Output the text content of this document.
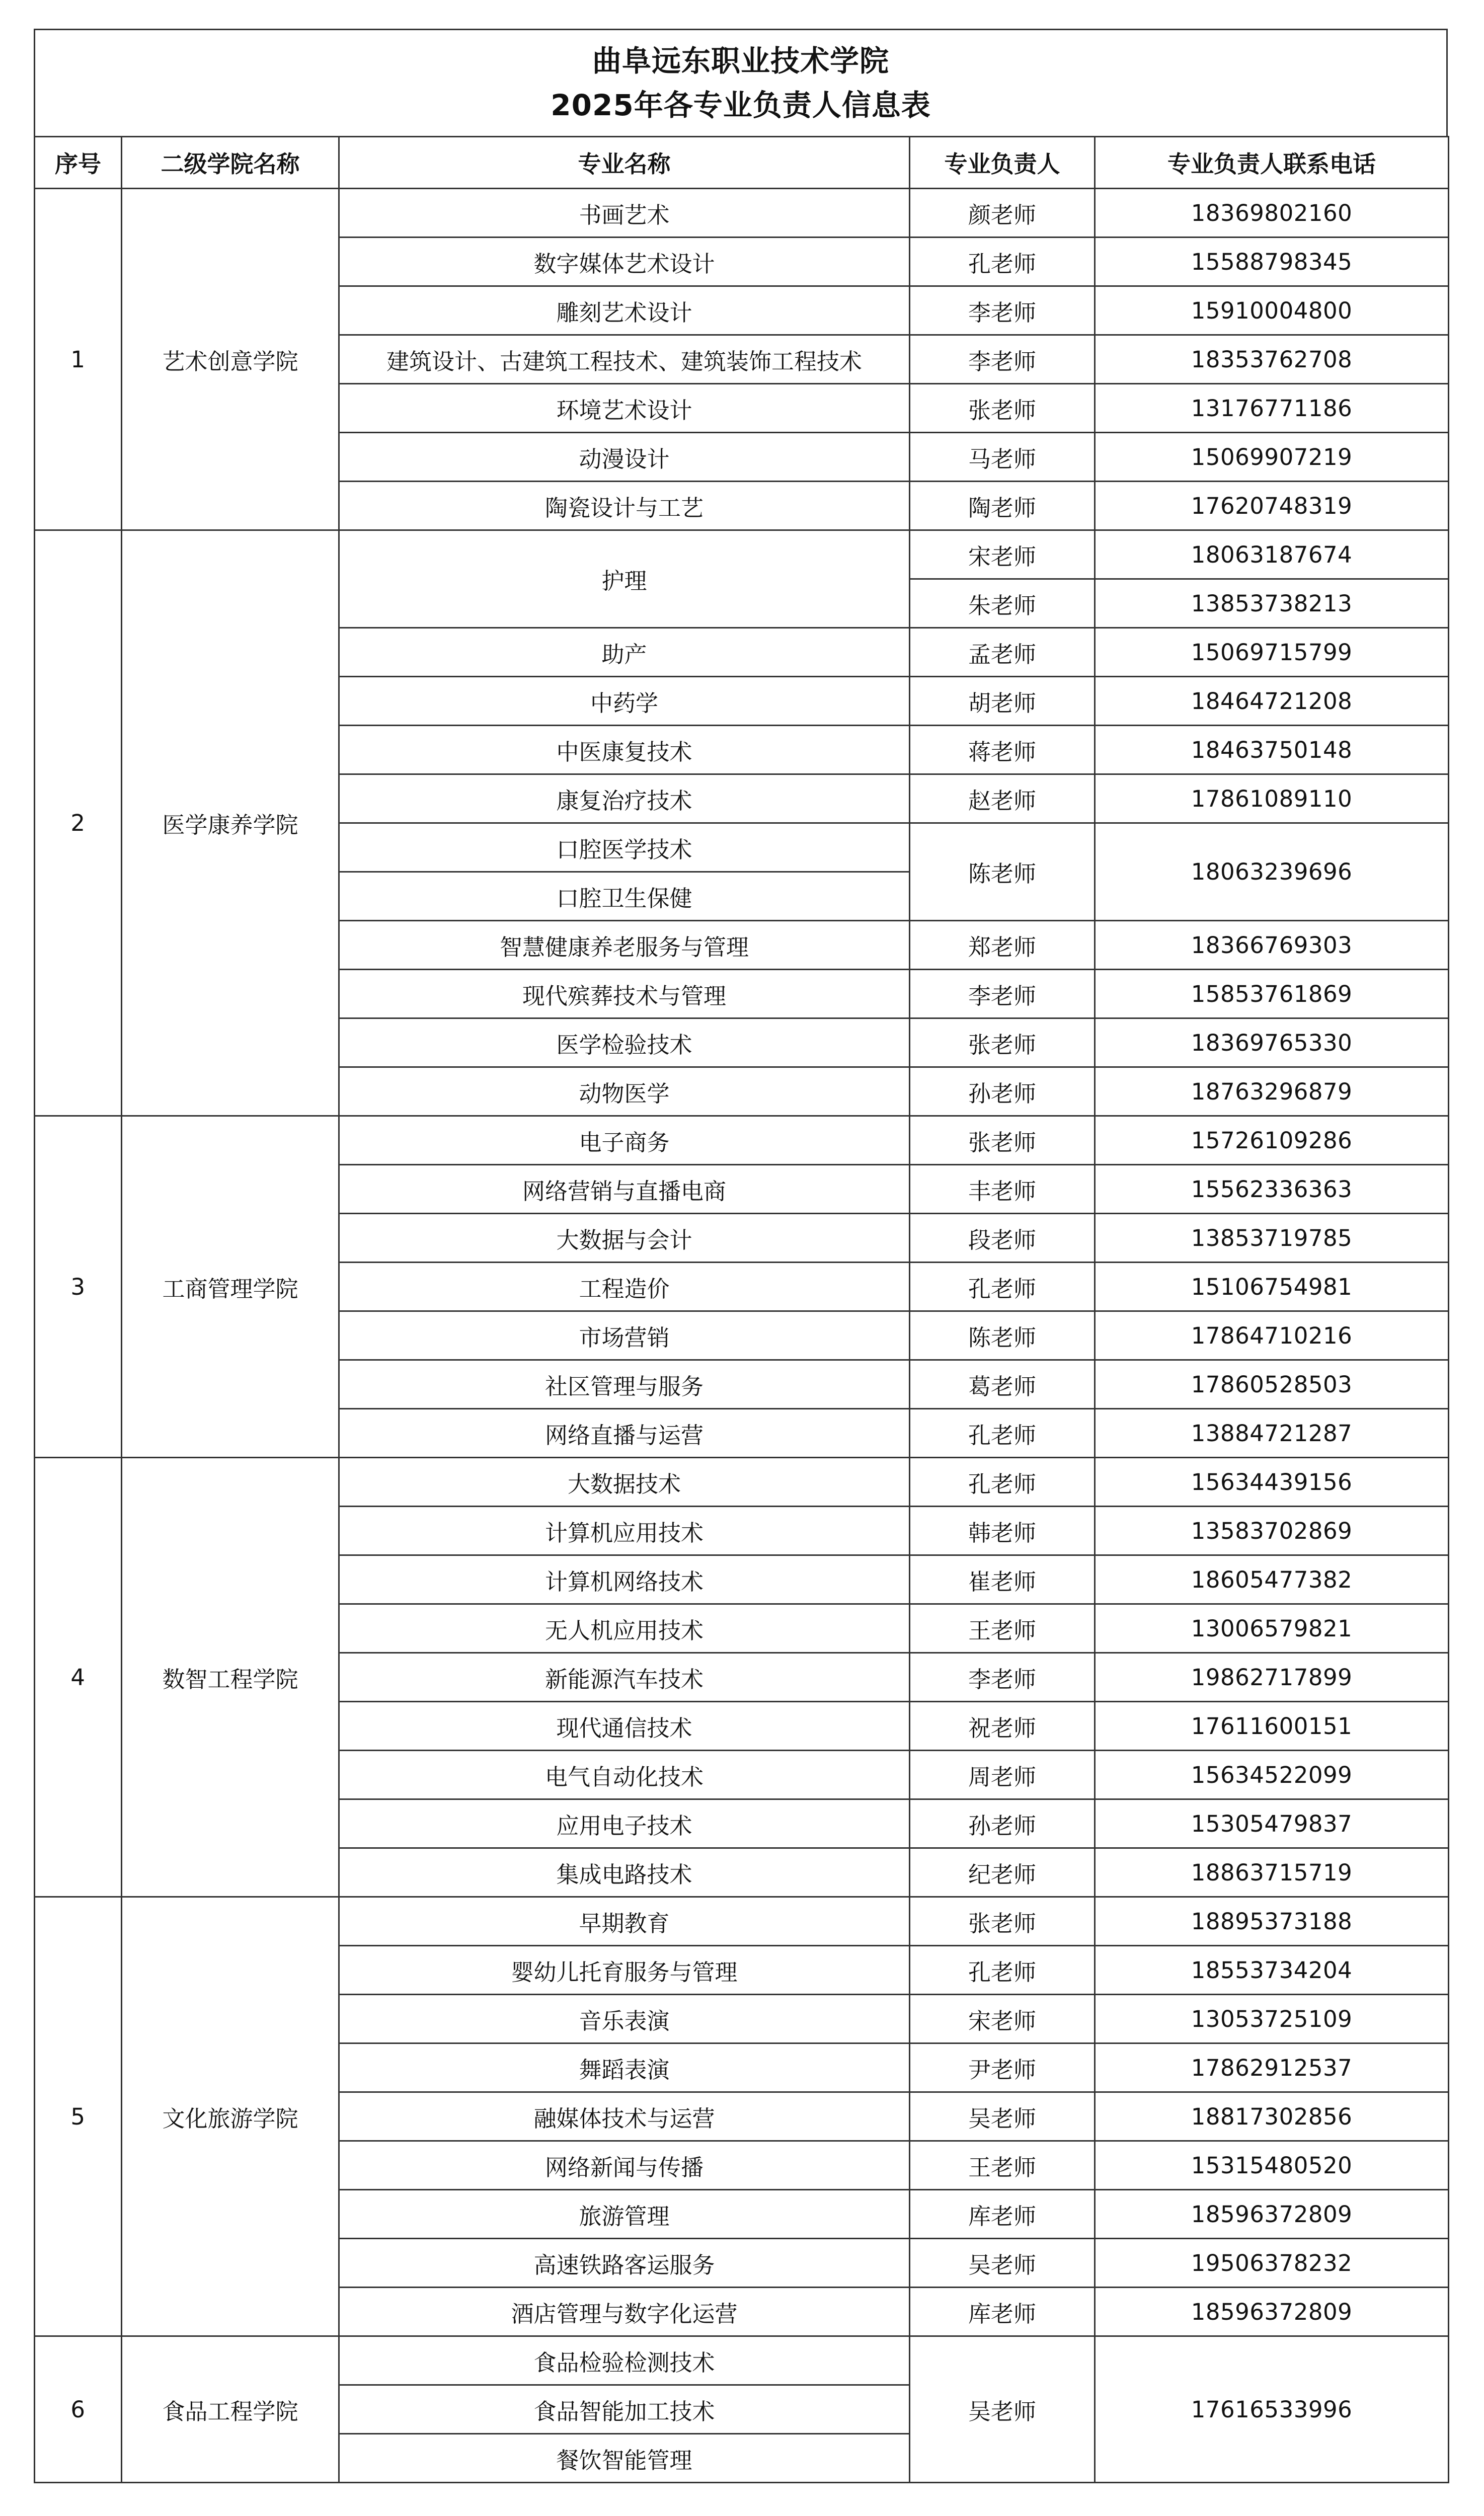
曲阜远东职业技术学院
2025年各专业负责人信息表
序号	二级学院名称	专业名称	专业负责人	专业负责人联系电话
1	艺术创意学院	书画艺术	颜老师	18369802160
		数字媒体艺术设计	孔老师	15588798345
		雕刻艺术设计	李老师	15910004800
		建筑设计、古建筑工程技术、建筑装饰工程技术	李老师	18353762708
		环境艺术设计	张老师	13176771186
		动漫设计	马老师	15069907219
		陶瓷设计与工艺	陶老师	17620748319
2	医学康养学院	护理	宋老师	18063187674
			朱老师	13853738213
		助产	孟老师	15069715799
		中药学	胡老师	18464721208
		中医康复技术	蒋老师	18463750148
		康复治疗技术	赵老师	17861089110
		口腔医学技术	陈老师	18063239696
		口腔卫生保健		
		智慧健康养老服务与管理	郑老师	18366769303
		现代殡葬技术与管理	李老师	15853761869
		医学检验技术	张老师	18369765330
		动物医学	孙老师	18763296879
3	工商管理学院	电子商务	张老师	15726109286
		网络营销与直播电商	丰老师	15562336363
		大数据与会计	段老师	13853719785
		工程造价	孔老师	15106754981
		市场营销	陈老师	17864710216
		社区管理与服务	葛老师	17860528503
		网络直播与运营	孔老师	13884721287
4	数智工程学院	大数据技术	孔老师	15634439156
		计算机应用技术	韩老师	13583702869
		计算机网络技术	崔老师	18605477382
		无人机应用技术	王老师	13006579821
		新能源汽车技术	李老师	19862717899
		现代通信技术	祝老师	17611600151
		电气自动化技术	周老师	15634522099
		应用电子技术	孙老师	15305479837
		集成电路技术	纪老师	18863715719
5	文化旅游学院	早期教育	张老师	18895373188
		婴幼儿托育服务与管理	孔老师	18553734204
		音乐表演	宋老师	13053725109
		舞蹈表演	尹老师	17862912537
		融媒体技术与运营	吴老师	18817302856
		网络新闻与传播	王老师	15315480520
		旅游管理	库老师	18596372809
		高速铁路客运服务	吴老师	19506378232
		酒店管理与数字化运营	库老师	18596372809
6	食品工程学院	食品检验检测技术	吴老师	17616533996
		食品智能加工技术		
		餐饮智能管理		
